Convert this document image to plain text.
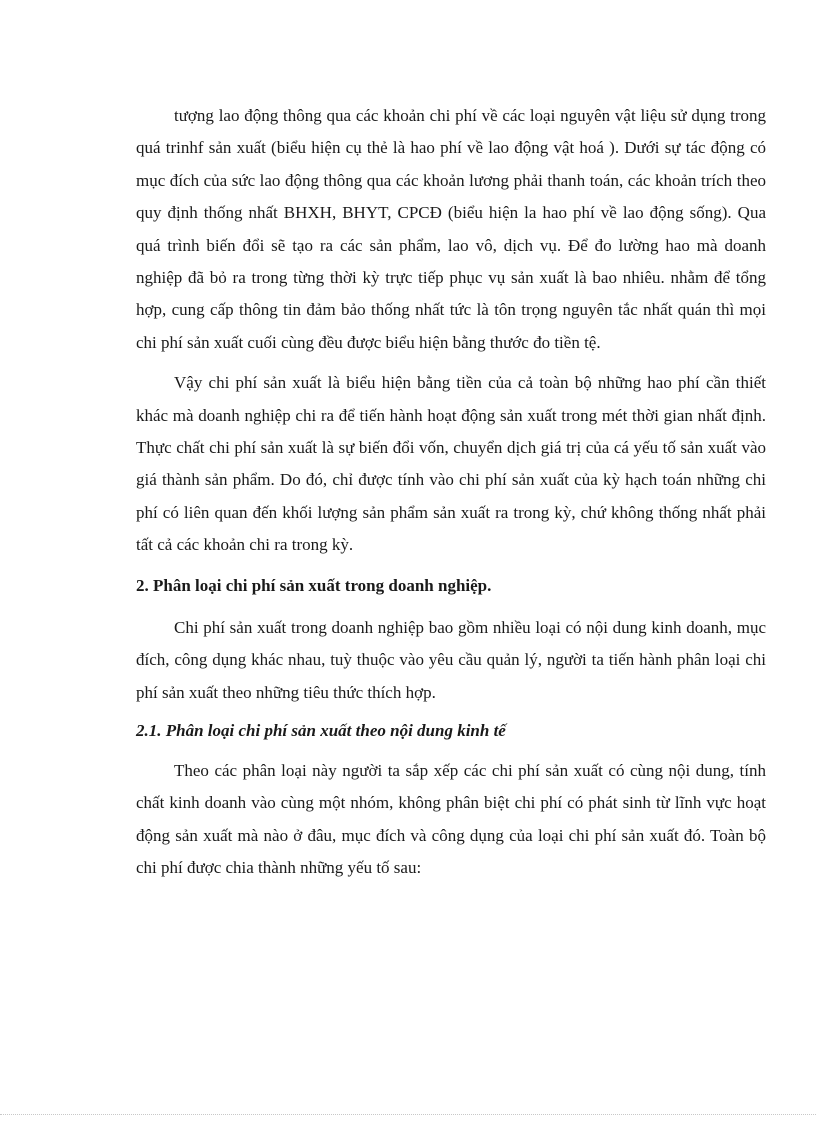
tượng lao động thông qua các khoản chi phí về các loại nguyên vật liệu sử dụng trong quá trinhf sản xuất (biểu hiện cụ thẻ là hao phí về lao động vật hoá ). Dưới sự tác động có mục đích của sức lao động thông qua các khoản lương phải thanh toán, các khoản trích theo quy định thống nhất BHXH, BHYT, CPCĐ (biểu hiện la hao phí về lao động sống). Qua quá trình biến đổi sẽ tạo ra các sản phẩm, lao vô, dịch vụ. Để đo lường hao mà doanh nghiệp đã bỏ ra trong từng thời kỳ trực tiếp phục vụ sản xuất là bao nhiêu. nhằm để tổng hợp, cung cấp thông tin đảm bảo thống nhất tức là tôn trọng nguyên tắc nhất quán thì mọi chi phí sản xuất cuối cùng đều được biểu hiện bằng thước đo tiền tệ.

Vậy chi phí sản xuất là biểu hiện bằng tiền của cả toàn bộ những hao phí cần thiết khác mà doanh nghiệp chi ra để tiến hành hoạt động sản xuất trong mét thời gian nhất định. Thực chất chi phí sản xuất là sự biến đổi vốn, chuyển dịch giá trị của cá yếu tố sản xuất vào giá thành sản phẩm. Do đó, chỉ được tính vào chi phí sản xuất của kỳ hạch toán những chi phí có liên quan đến khối lượng sản phẩm sản xuất ra trong kỳ, chứ không thống nhất phải tất cả các khoản chi ra trong kỳ.

2. Phân loại chi phí sản xuất trong doanh nghiệp.

Chi phí sản xuất trong doanh nghiệp bao gồm nhiều loại có nội dung kinh doanh, mục đích, công dụng khác nhau, tuỳ thuộc vào yêu cầu quản lý, người ta tiến hành phân loại chi phí sản xuất theo những tiêu thức thích hợp.

2.1. Phân loại chi phí sản xuất theo nội dung kinh tế

Theo các phân loại này người ta sắp xếp các chi phí sản xuất có cùng nội dung, tính chất kinh doanh vào cùng một nhóm, không phân biệt chi phí có phát sinh từ lĩnh vực hoạt động sản xuất mà nào ở đâu, mục đích và công dụng của loại chi phí sản xuất đó. Toàn bộ chi phí được chia thành những yếu tố sau:
